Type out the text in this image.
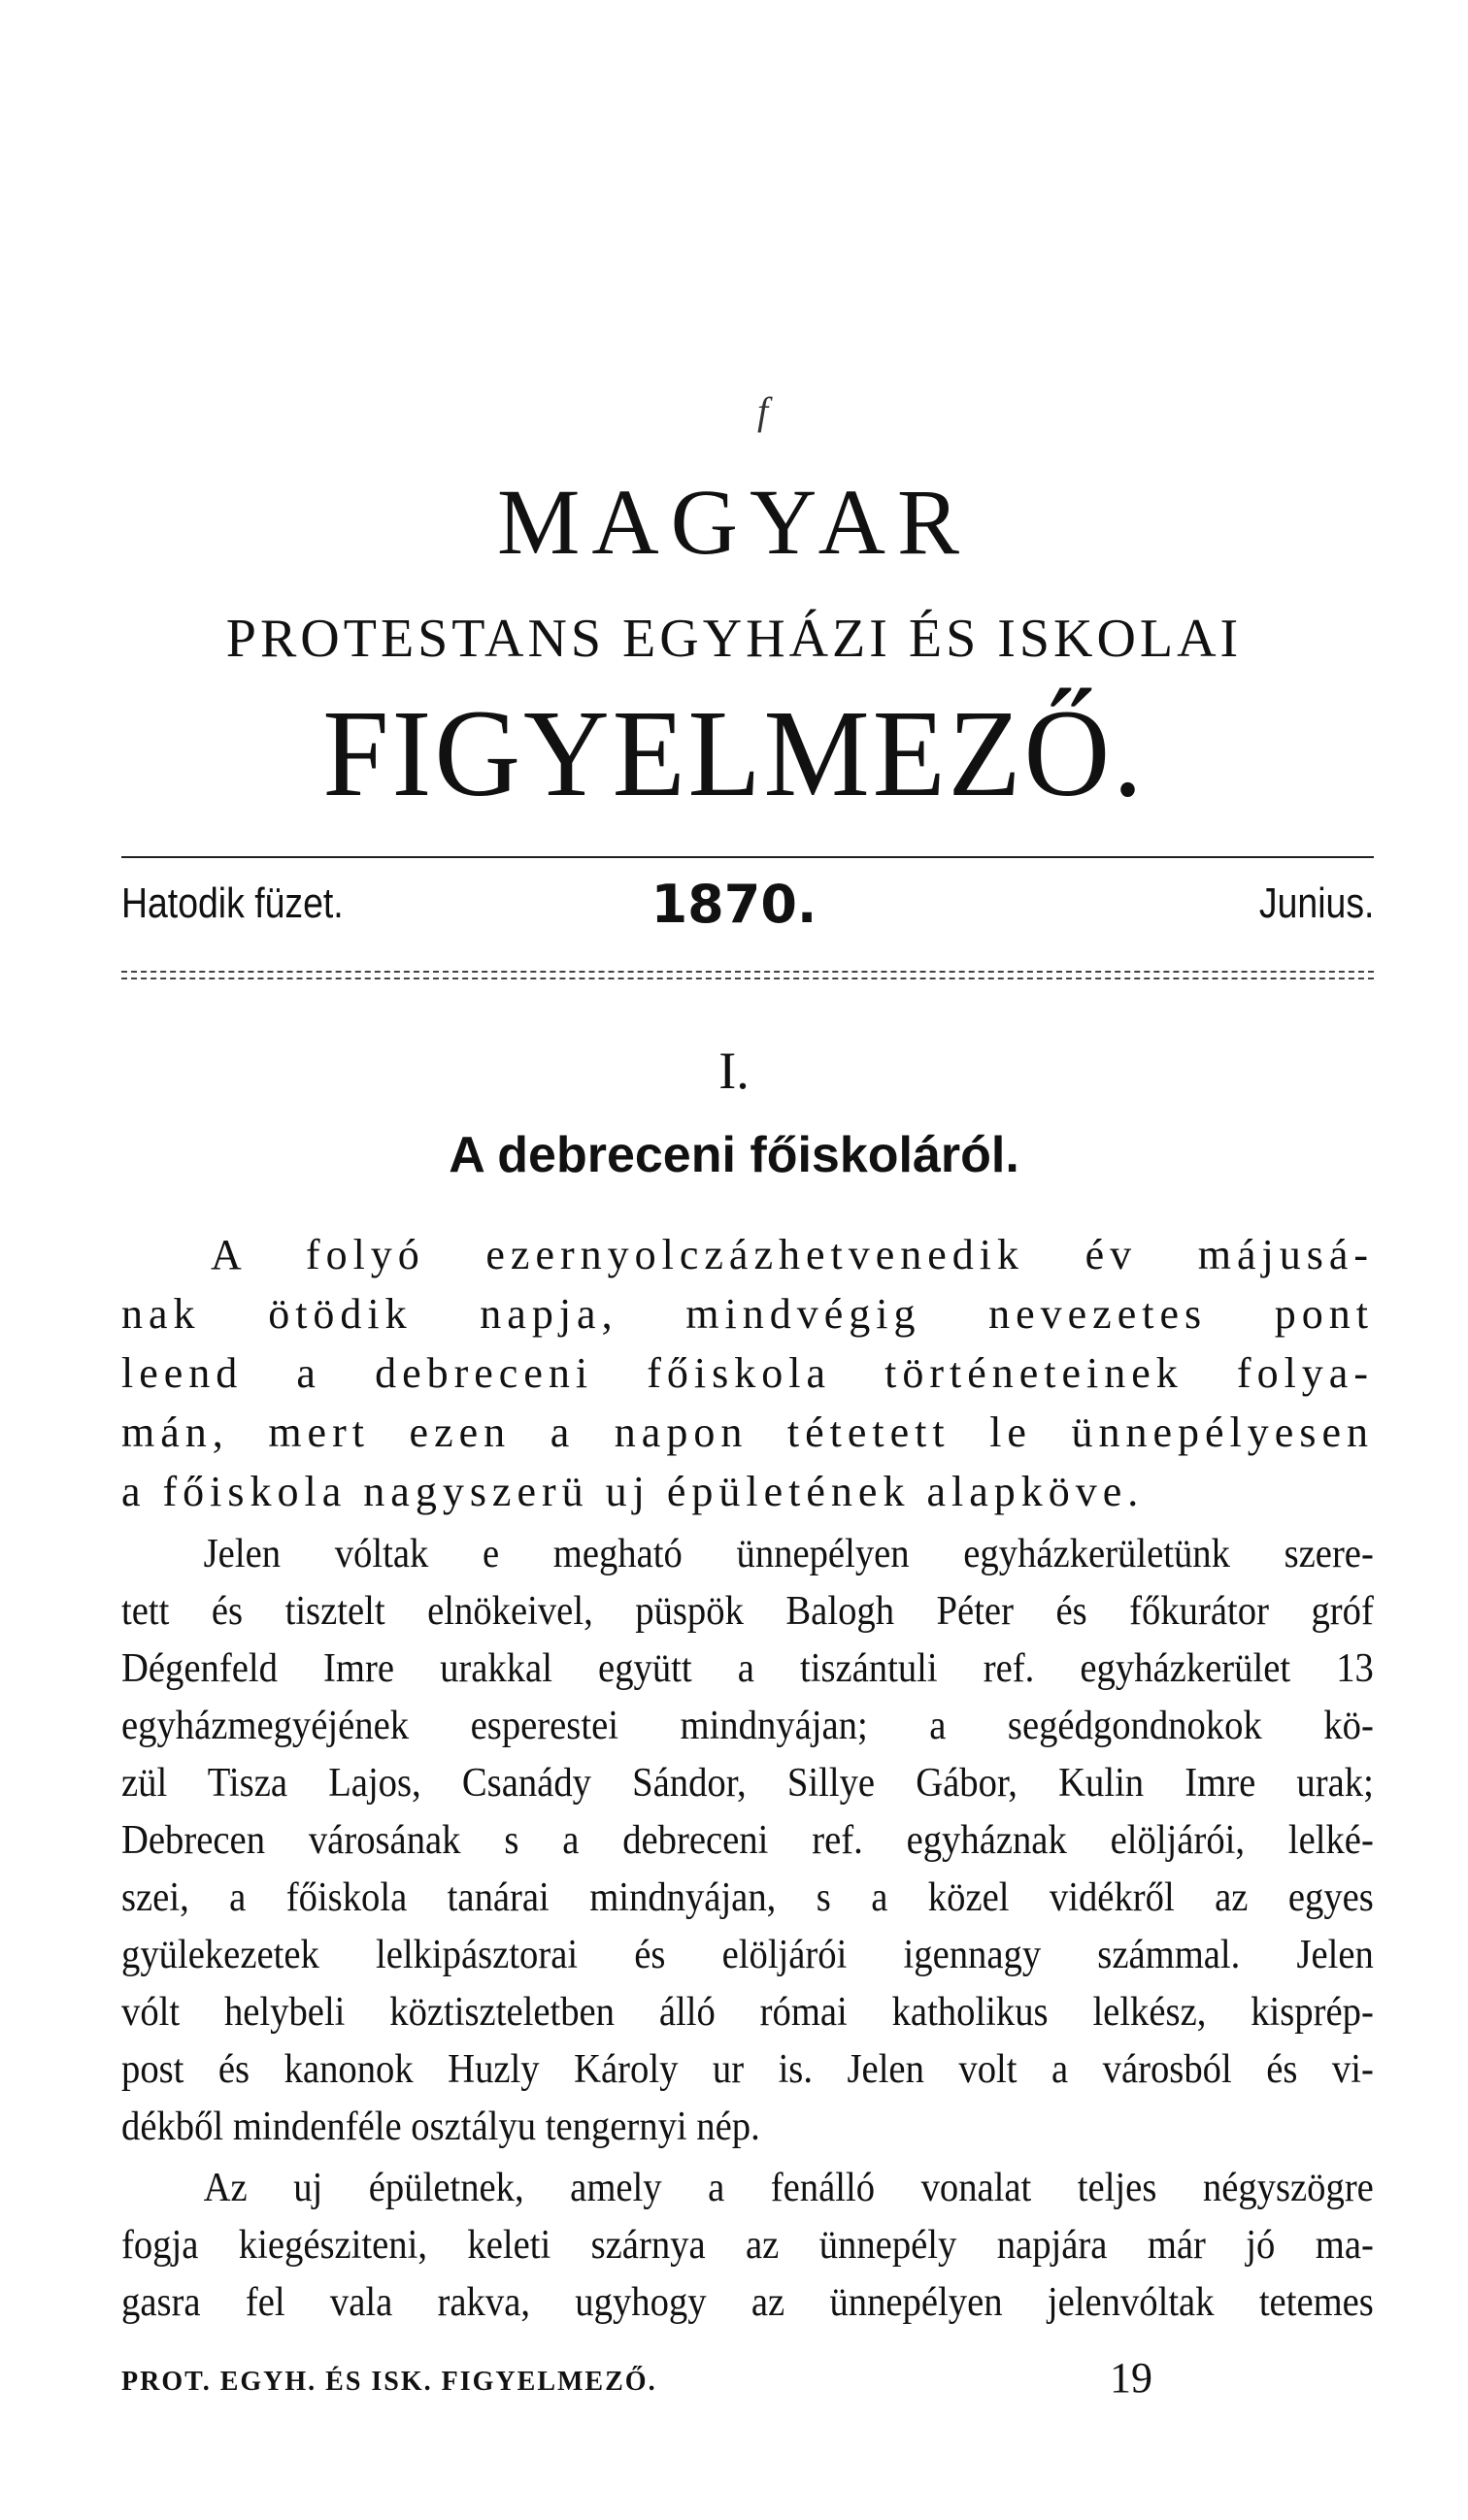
f
MAGYAR
PROTESTANS EGYHÁZI ÉS ISKOLAI
FIGYELMEZŐ.
Hatodik füzet.	1870.	Junius.
I.
A debreceni főiskoláról.
A folyó ezernyolczázhetvenedik év májusá-
nak ötödik napja, mindvégig nevezetes pont
leend a debreceni főiskola történeteinek folya-
mán, mert ezen a napon tétetett le ünnepélyesen
a főiskola nagyszerü uj épületének alapköve.
Jelen vóltak e megható ünnepélyen egyházkerületünk szere-
tett és tisztelt elnökeivel, püspök Balogh Péter és főkurátor gróf
Dégenfeld Imre urakkal együtt a tiszántuli ref. egyházkerület 13
egyházmegyéjének esperestei mindnyájan; a segédgondnokok kö-
zül Tisza Lajos, Csanády Sándor, Sillye Gábor, Kulin Imre urak;
Debrecen városának s a debreceni ref. egyháznak elöljárói, lelké-
szei, a főiskola tanárai mindnyájan, s a közel vidékről az egyes
gyülekezetek lelkipásztorai és elöljárói igennagy számmal. Jelen
vólt helybeli köztiszteletben álló római katholikus lelkész, kisprép-
post és kanonok Huzly Károly ur is. Jelen volt a városból és vi-
dékből mindenféle osztályu tengernyi nép.
Az uj épületnek, amely a fenálló vonalat teljes négyszögre
fogja kiegésziteni, keleti szárnya az ünnepély napjára már jó ma-
gasra fel vala rakva, ugyhogy az ünnepélyen jelenvóltak tetemes
PROT. EGYH. ÉS ISK. FIGYELMEZŐ.	19
